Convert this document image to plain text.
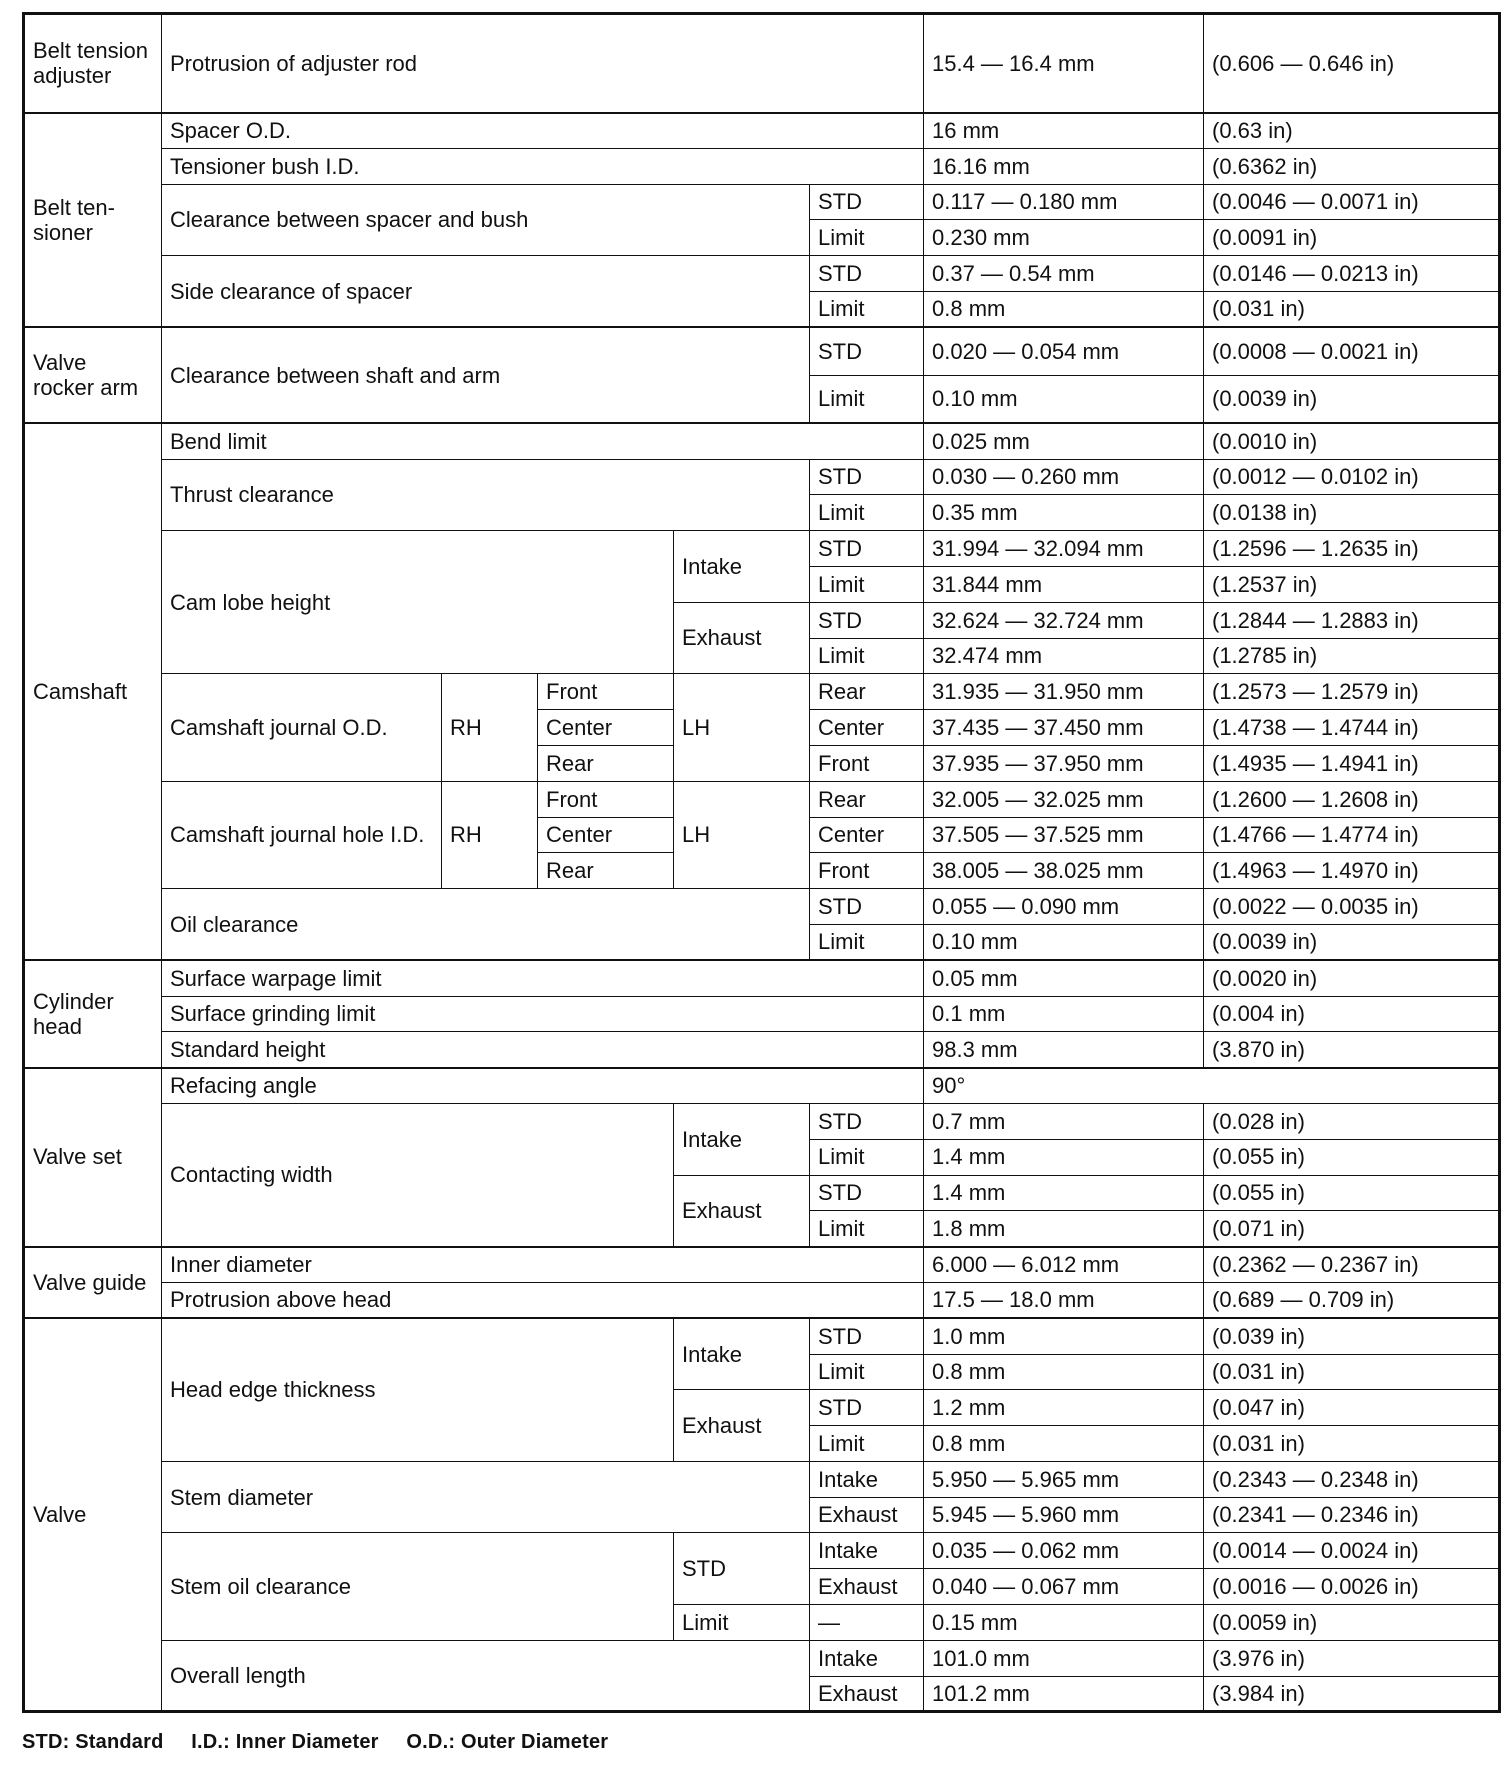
Belt tension adjuster	Protrusion of adjuster rod					15.4 — 16.4 mm	(0.606 — 0.646 in)
Belt ten- sioner	Spacer O.D.					16 mm	(0.63 in)
	Tensioner bush I.D.					16.16 mm	(0.6362 in)
	Clearance between spacer and bush				STD	0.117 — 0.180 mm	(0.0046 — 0.0071 in)
					Limit	0.230 mm	(0.0091 in)
	Side clearance of spacer				STD	0.37 — 0.54 mm	(0.0146 — 0.0213 in)
					Limit	0.8 mm	(0.031 in)
Valve rocker arm	Clearance between shaft and arm				STD	0.020 — 0.054 mm	(0.0008 — 0.0021 in)
					Limit	0.10 mm	(0.0039 in)
Camshaft	Bend limit					0.025 mm	(0.0010 in)
	Thrust clearance				STD	0.030 — 0.260 mm	(0.0012 — 0.0102 in)
					Limit	0.35 mm	(0.0138 in)
	Cam lobe height			Intake	STD	31.994 — 32.094 mm	(1.2596 — 1.2635 in)
					Limit	31.844 mm	(1.2537 in)
				Exhaust	STD	32.624 — 32.724 mm	(1.2844 — 1.2883 in)
					Limit	32.474 mm	(1.2785 in)
	Camshaft journal O.D.	RH	Front	LH	Rear	31.935 — 31.950 mm	(1.2573 — 1.2579 in)
			Center		Center	37.435 — 37.450 mm	(1.4738 — 1.4744 in)
			Rear		Front	37.935 — 37.950 mm	(1.4935 — 1.4941 in)
	Camshaft journal hole I.D.	RH	Front	LH	Rear	32.005 — 32.025 mm	(1.2600 — 1.2608 in)
			Center		Center	37.505 — 37.525 mm	(1.4766 — 1.4774 in)
			Rear		Front	38.005 — 38.025 mm	(1.4963 — 1.4970 in)
	Oil clearance				STD	0.055 — 0.090 mm	(0.0022 — 0.0035 in)
					Limit	0.10 mm	(0.0039 in)
Cylinder head	Surface warpage limit					0.05 mm	(0.0020 in)
	Surface grinding limit					0.1 mm	(0.004 in)
	Standard height					98.3 mm	(3.870 in)
Valve set	Refacing angle					90°	
	Contacting width			Intake	STD	0.7 mm	(0.028 in)
					Limit	1.4 mm	(0.055 in)
				Exhaust	STD	1.4 mm	(0.055 in)
					Limit	1.8 mm	(0.071 in)
Valve guide	Inner diameter					6.000 — 6.012 mm	(0.2362 — 0.2367 in)
	Protrusion above head					17.5 — 18.0 mm	(0.689 — 0.709 in)
Valve	Head edge thickness			Intake	STD	1.0 mm	(0.039 in)
					Limit	0.8 mm	(0.031 in)
				Exhaust	STD	1.2 mm	(0.047 in)
					Limit	0.8 mm	(0.031 in)
	Stem diameter				Intake	5.950 — 5.965 mm	(0.2343 — 0.2348 in)
					Exhaust	5.945 — 5.960 mm	(0.2341 — 0.2346 in)
	Stem oil clearance			STD	Intake	0.035 — 0.062 mm	(0.0014 — 0.0024 in)
					Exhaust	0.040 — 0.067 mm	(0.0016 — 0.0026 in)
				Limit	—	0.15 mm	(0.0059 in)
	Overall length				Intake	101.0 mm	(3.976 in)
					Exhaust	101.2 mm	(3.984 in)
STD: Standard I.D.: Inner Diameter O.D.: Outer Diameter
